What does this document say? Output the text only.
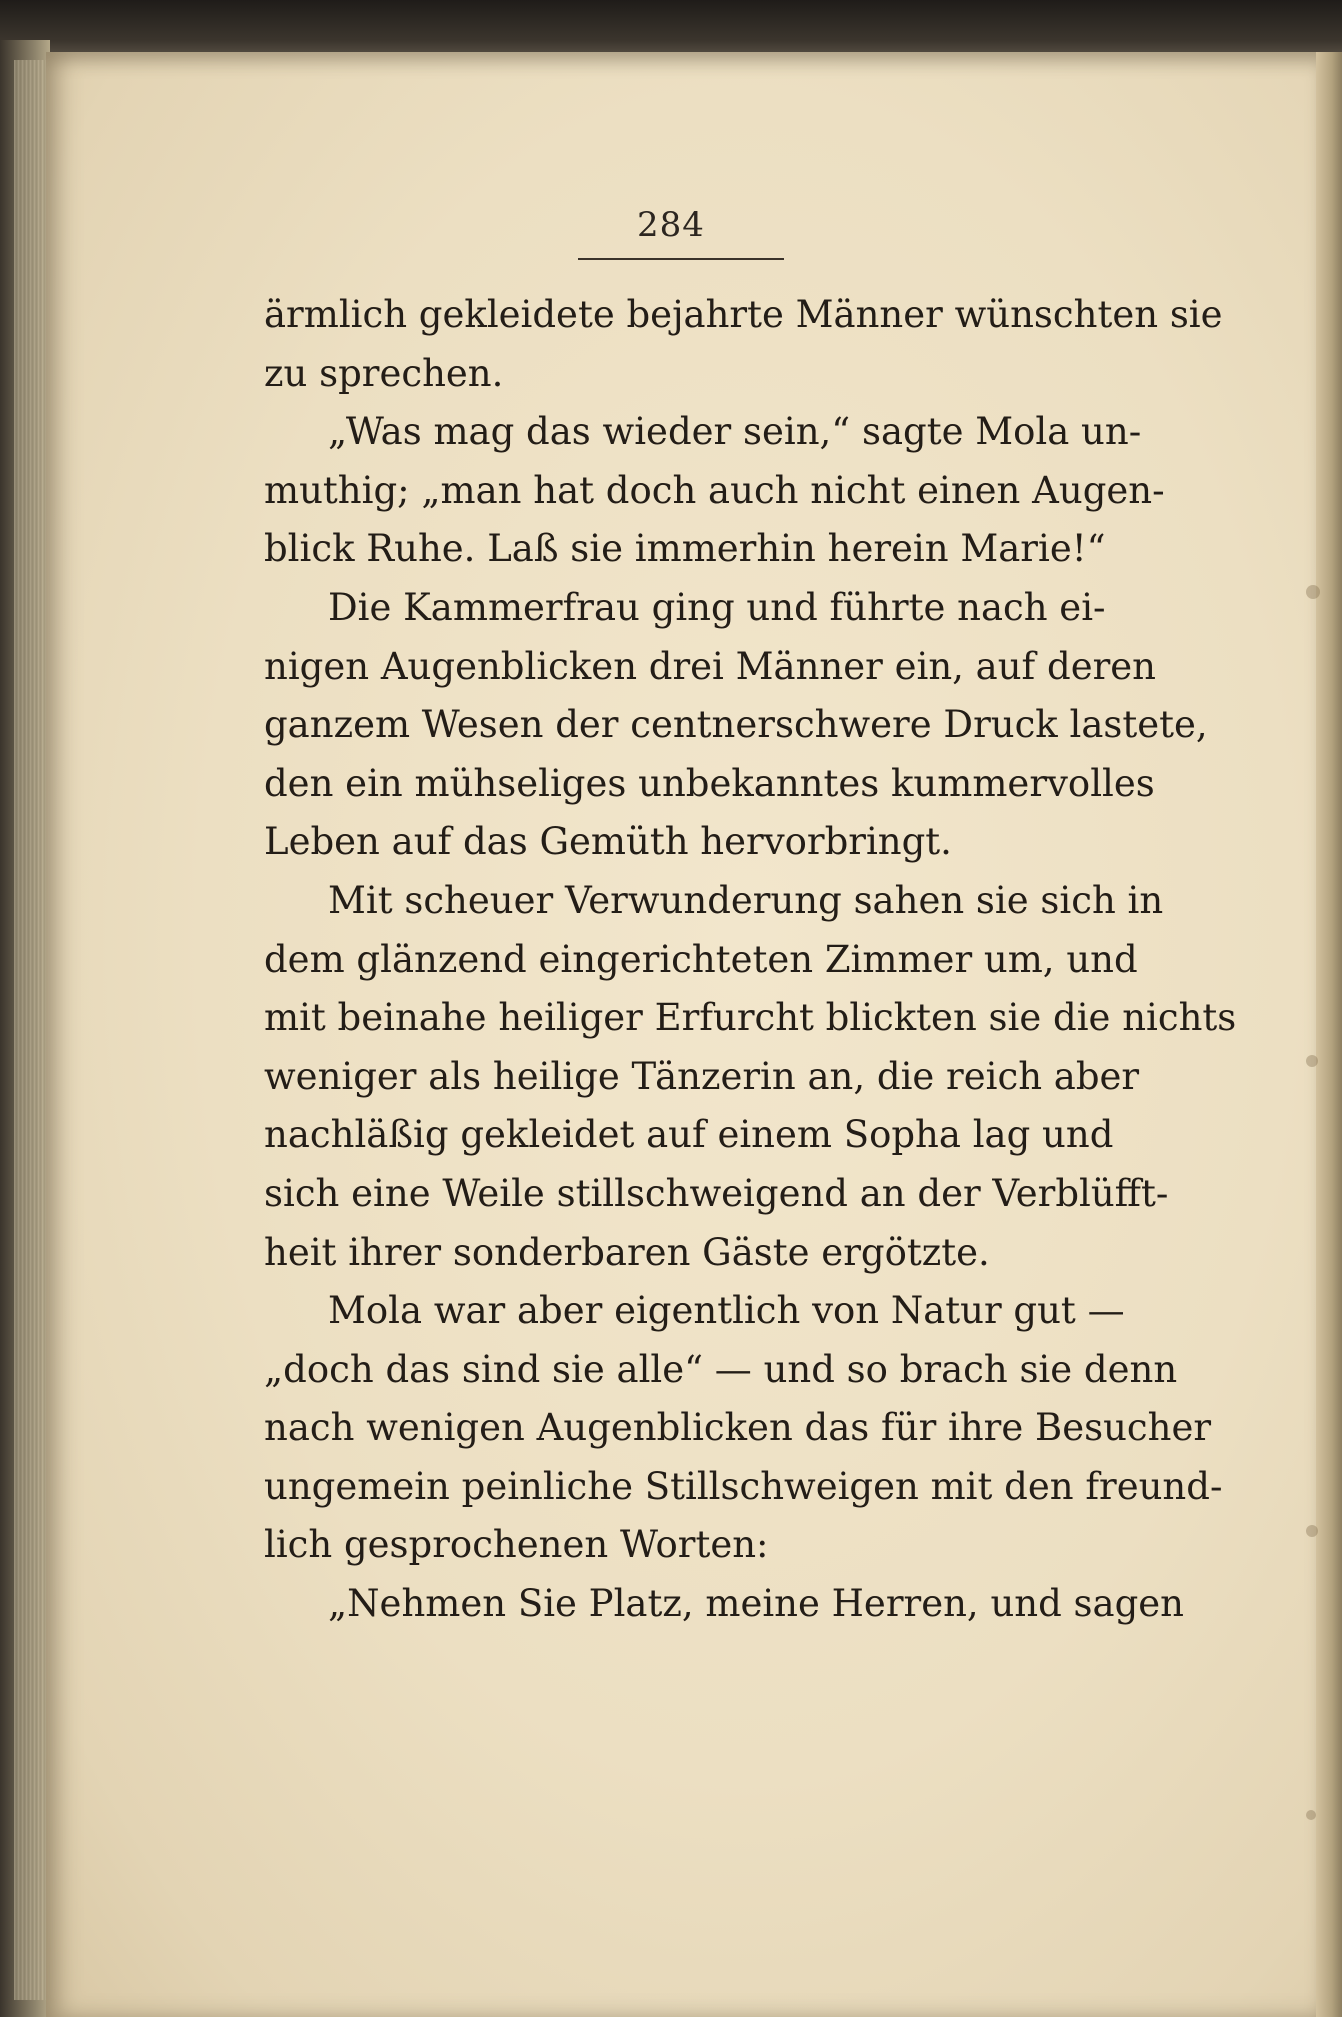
284
ärmlich gekleidete bejahrte Männer wünschten sie
zu sprechen.
„Was mag das wieder sein,“ sagte Mola un-
muthig; „man hat doch auch nicht einen Augen-
blick Ruhe. Laß sie immerhin herein Marie!“
Die Kammerfrau ging und führte nach ei-
nigen Augenblicken drei Männer ein, auf deren
ganzem Wesen der centnerschwere Druck lastete,
den ein mühseliges unbekanntes kummervolles
Leben auf das Gemüth hervorbringt.
Mit scheuer Verwunderung sahen sie sich in
dem glänzend eingerichteten Zimmer um, und
mit beinahe heiliger Erfurcht blickten sie die nichts
weniger als heilige Tänzerin an, die reich aber
nachläßig gekleidet auf einem Sopha lag und
sich eine Weile stillschweigend an der Verblüfft-
heit ihrer sonderbaren Gäste ergötzte.
Mola war aber eigentlich von Natur gut —
„doch das sind sie alle“ — und so brach sie denn
nach wenigen Augenblicken das für ihre Besucher
ungemein peinliche Stillschweigen mit den freund-
lich gesprochenen Worten:
„Nehmen Sie Platz, meine Herren, und sagen
